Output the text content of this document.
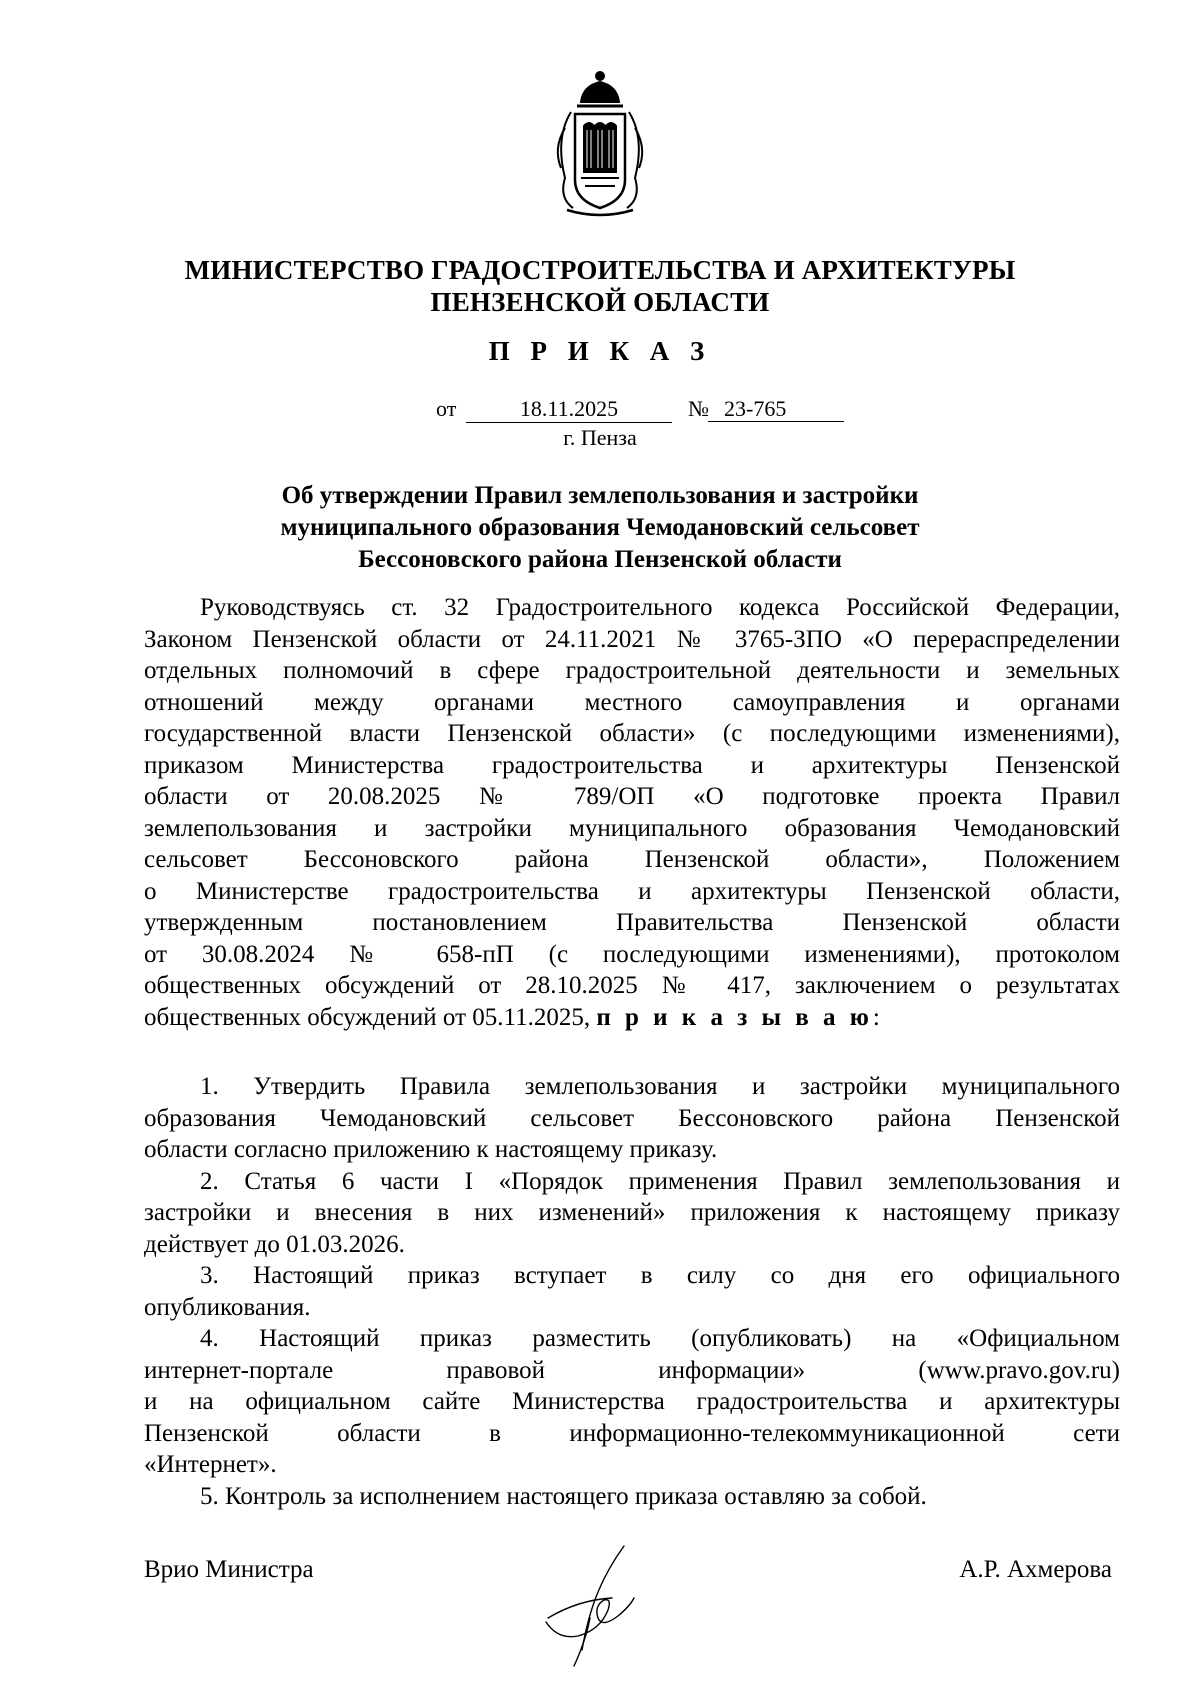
МИНИСТЕРСТВО ГРАДОСТРОИТЕЛЬСТВА И АРХИТЕКТУРЫ
ПЕНЗЕНСКОЙ ОБЛАСТИ
П Р И К А З
от	18.11.2025	№ 23-765
г. Пенза
Об утверждении Правил землепользования и застройки
муниципального образования Чемодановский сельсовет
Бессоновского района Пензенской области
Руководствуясь ст. 32 Градостроительного кодекса Российской Федерации,
Законом Пензенской области от 24.11.2021 № 3765-ЗПО «О перераспределении
отдельных полномочий в сфере градостроительной деятельности и земельных
отношений между органами местного самоуправления и органами
государственной власти Пензенской области» (с последующими изменениями),
приказом Министерства градостроительства и архитектуры Пензенской
области от 20.08.2025 № 789/ОП «О подготовке проекта Правил
землепользования и застройки муниципального образования Чемодановский
сельсовет Бессоновского района Пензенской области», Положением
о Министерстве градостроительства и архитектуры Пензенской области,
утвержденным постановлением Правительства Пензенской области
от 30.08.2024 № 658-пП (с последующими изменениями), протоколом
общественных обсуждений от 28.10.2025 № 417, заключением о результатах
общественных обсуждений от 05.11.2025, п р и к а з ы в а ю:
1. Утвердить Правила землепользования и застройки муниципального
образования Чемодановский сельсовет Бессоновского района Пензенской
области согласно приложению к настоящему приказу.
2. Статья 6 части I «Порядок применения Правил землепользования и
застройки и внесения в них изменений» приложения к настоящему приказу
действует до 01.03.2026.
3. Настоящий приказ вступает в силу со дня его официального
опубликования.
4. Настоящий приказ разместить (опубликовать) на «Официальном
интернет-портале правовой информации» (www.pravo.gov.ru)
и на официальном сайте Министерства градостроительства и архитектуры
Пензенской области в информационно-телекоммуникационной сети
«Интернет».
5. Контроль за исполнением настоящего приказа оставляю за собой.
Врио Министра	А.Р. Ахмерова
